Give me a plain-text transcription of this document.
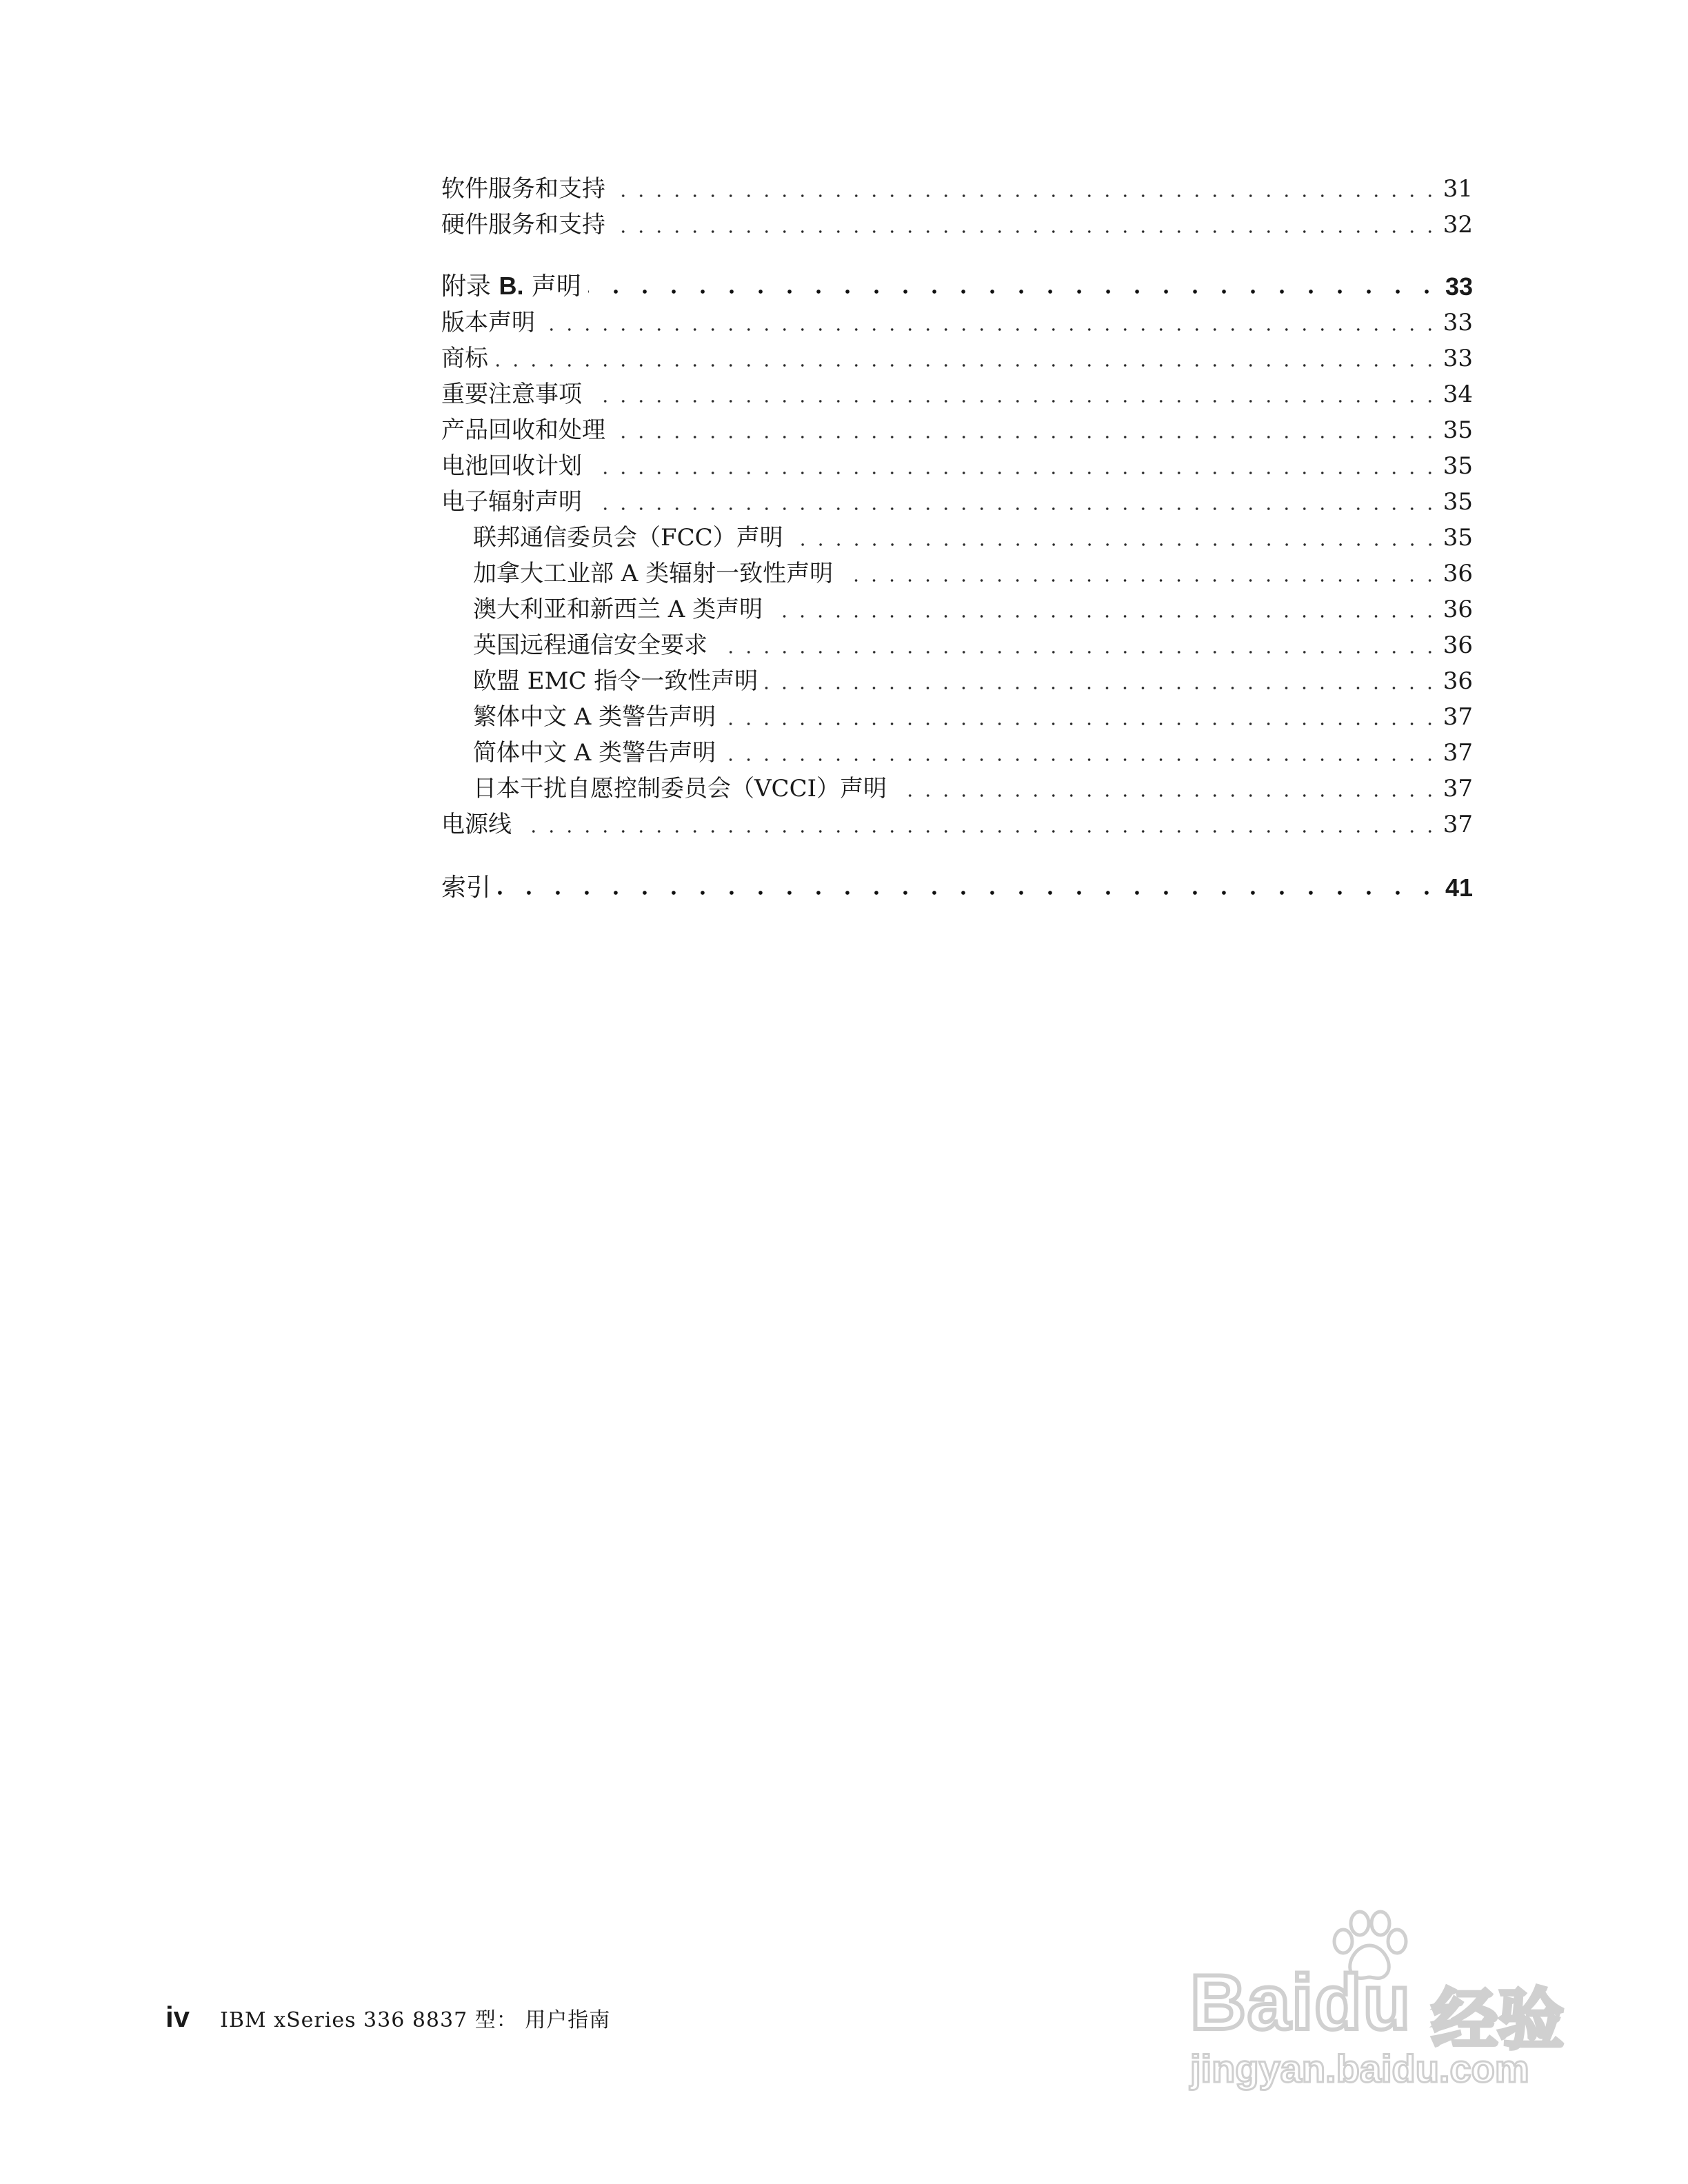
软件服务和支持	31
硬件服务和支持	32
附录 B. 声明	33
版本声明	33
商标	33
重要注意事项	34
产品回收和处理	35
电池回收计划	35
电子辐射声明	35
联邦通信委员会（FCC）声明	35
加拿大工业部 A 类辐射一致性声明	36
澳大利亚和新西兰 A 类声明	36
英国远程通信安全要求	36
欧盟 EMC 指令一致性声明	36
繁体中文 A 类警告声明	37
简体中文 A 类警告声明	37
日本干扰自愿控制委员会（VCCI）声明	37
电源线	37
索引	41
iv IBM xSeries 336 8837 型： 用户指南	Baidu 经验
jingyan.baidu.com
